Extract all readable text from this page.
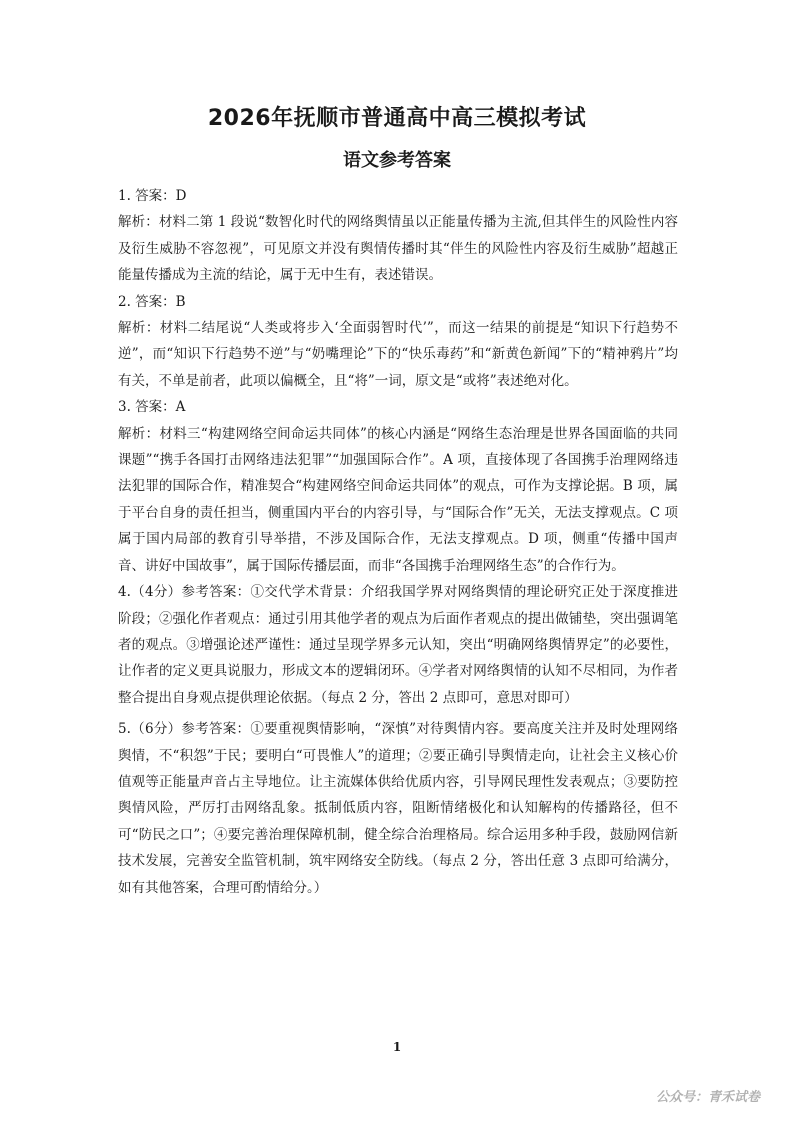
2026年抚顺市普通高中高三模拟考试
语文参考答案

1. 答案：D

解析：材料二第 1 段说“数智化时代的网络舆情虽以正能量传播为主流,但其伴生的风险性内容及衍生威胁不容忽视”，可见原文并没有舆情传播时其“伴生的风险性内容及衍生威胁”超越正能量传播成为主流的结论，属于无中生有，表述错误。

2. 答案：B

解析：材料二结尾说“人类或将步入‘全面弱智时代’”，而这一结果的前提是“知识下行趋势不逆”，而“知识下行趋势不逆”与“奶嘴理论”下的“快乐毒药”和“新黄色新闻”下的“精神鸦片”均有关，不单是前者，此项以偏概全，且“将”一词，原文是“或将”表述绝对化。

3. 答案：A

解析：材料三“构建网络空间命运共同体”的核心内涵是“网络生态治理是世界各国面临的共同课题”“携手各国打击网络违法犯罪”“加强国际合作”。A 项，直接体现了各国携手治理网络违法犯罪的国际合作，精准契合“构建网络空间命运共同体”的观点，可作为支撑论据。B 项，属于平台自身的责任担当，侧重国内平台的内容引导，与“国际合作”无关，无法支撑观点。C 项属于国内局部的教育引导举措，不涉及国际合作，无法支撑观点。D 项，侧重“传播中国声音、讲好中国故事”，属于国际传播层面，而非“各国携手治理网络生态”的合作行为。

4.（4分）参考答案：①交代学术背景：介绍我国学界对网络舆情的理论研究正处于深度推进阶段；②强化作者观点：通过引用其他学者的观点为后面作者观点的提出做铺垫，突出强调笔者的观点。③增强论述严谨性：通过呈现学界多元认知，突出“明确网络舆情界定”的必要性，让作者的定义更具说服力，形成文本的逻辑闭环。④学者对网络舆情的认知不尽相同，为作者整合提出自身观点提供理论依据。（每点 2 分，答出 2 点即可，意思对即可）

5.（6分）参考答案：①要重视舆情影响，“深慎”对待舆情内容。要高度关注并及时处理网络舆情，不“积怨”于民；要明白“可畏惟人”的道理；②要正确引导舆情走向，让社会主义核心价值观等正能量声音占主导地位。让主流媒体供给优质内容，引导网民理性发表观点；③要防控舆情风险，严厉打击网络乱象。抵制低质内容，阻断情绪极化和认知解构的传播路径，但不可“防民之口”；④要完善治理保障机制，健全综合治理格局。综合运用多种手段，鼓励网信新技术发展，完善安全监管机制，筑牢网络安全防线。（每点 2 分，答出任意 3 点即可给满分，如有其他答案，合理可酌情给分。）

1
公众号：青禾试卷
